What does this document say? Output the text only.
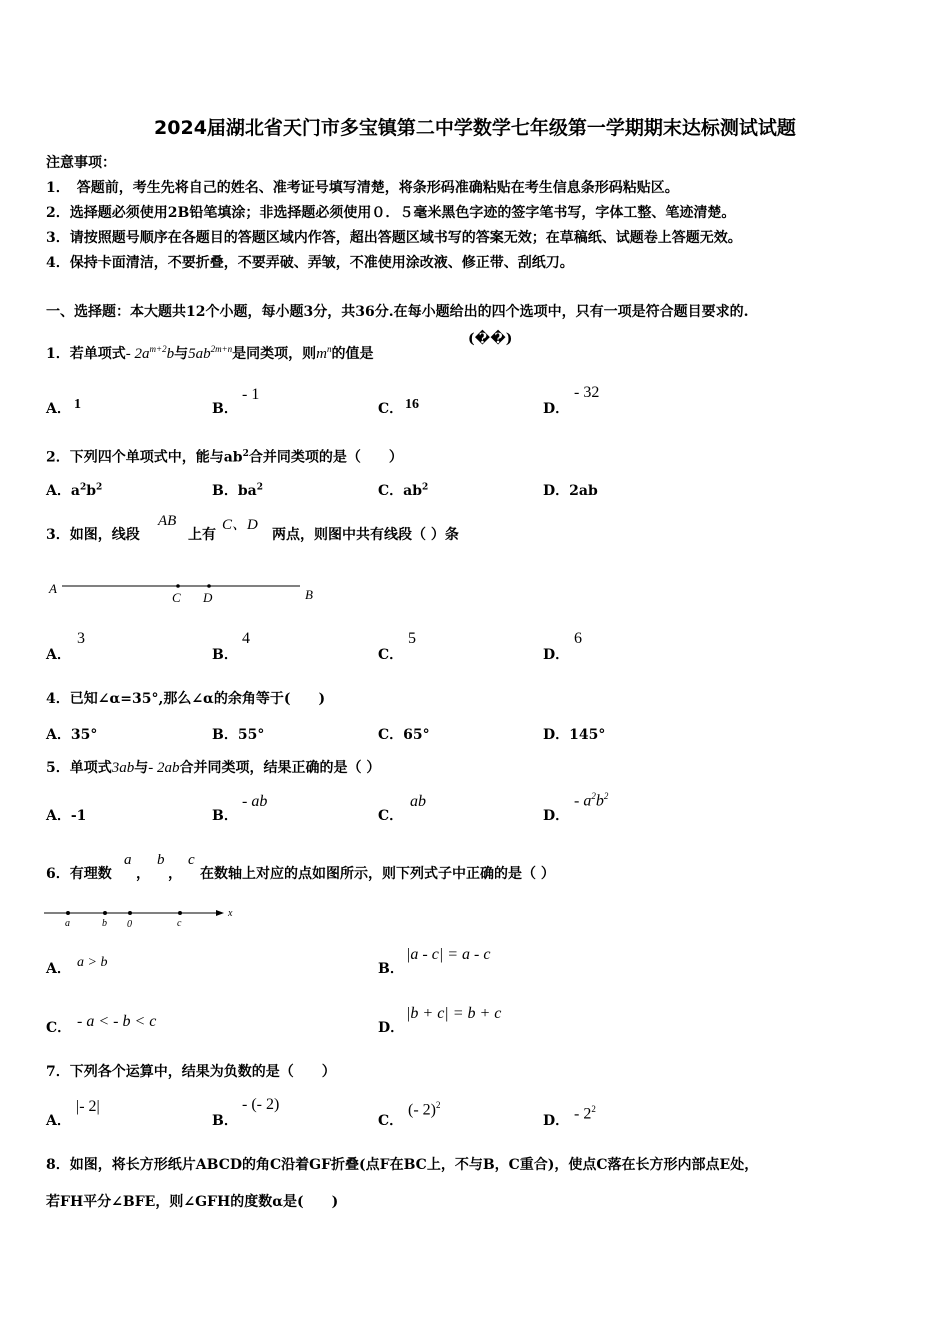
2024届湖北省天门市多宝镇第二中学数学七年级第一学期期末达标测试试题
注意事项：
1．　答题前，考生先将自己的姓名、准考证号填写清楚，将条形码准确粘贴在考生信息条形码粘贴区。
2．选择题必须使用2B铅笔填涂；非选择题必须使用０．５毫米黑色字迹的签字笔书写，字体工整、笔迹清楚。
3．请按照题号顺序在各题目的答题区域内作答，超出答题区域书写的答案无效；在草稿纸、试题卷上答题无效。
4．保持卡面清洁，不要折叠，不要弄破、弄皱，不准使用涂改液、修正带、刮纸刀。
一、选择题：本大题共12个小题，每小题3分，共36分.在每小题给出的四个选项中，只有一项是符合题目要求的.
1．若单项式- $2a^{m+2}b$与$5ab^{2m+n}$是同类项，则$m^n$的值是
(��)
A． 1	B．
- 1
C． 16	D．
- 32
2．下列四个单项式中，能与$ab^2$合并同类项的是（　　）
A．$a^2b^2$	B．$ba^2$	C．$ab^2$	D．2ab
3．如图，线段
AB
上有
C、D
两点，则图中共有线段（ ）条
A
C D	B
A．
3
B．
4
C．
5
D．
6
4．已知∠α=35°,那么∠α的余角等于(　　)
A．35°	B．55°	C．65°	D．145°
5．单项式3ab与- 2ab合并同类项，结果正确的是（ ）
A．-1	B．
- ab
C．
ab
D．
- $a^2b^2$
6．有理数
a
，
b
，
c
在数轴上对应的点如图所示，则下列式子中正确的是（ ）
a	b 0	c
x
A． a > b	B．
|a - c| = a - c
C． - a < - b < c	D．
|b + c| = b + c
7．下列各个运算中，结果为负数的是（　　）
A．
|- 2|
B．
- (- 2)
C．
(- 2)$^2$
D． - $2^2$
8．如图，将长方形纸片ABCD的角C沿着GF折叠(点F在BC上，不与B，C重合)，使点C落在长方形内部点E处，
若FH平分∠BFE，则∠GFH的度数α是(　　)
